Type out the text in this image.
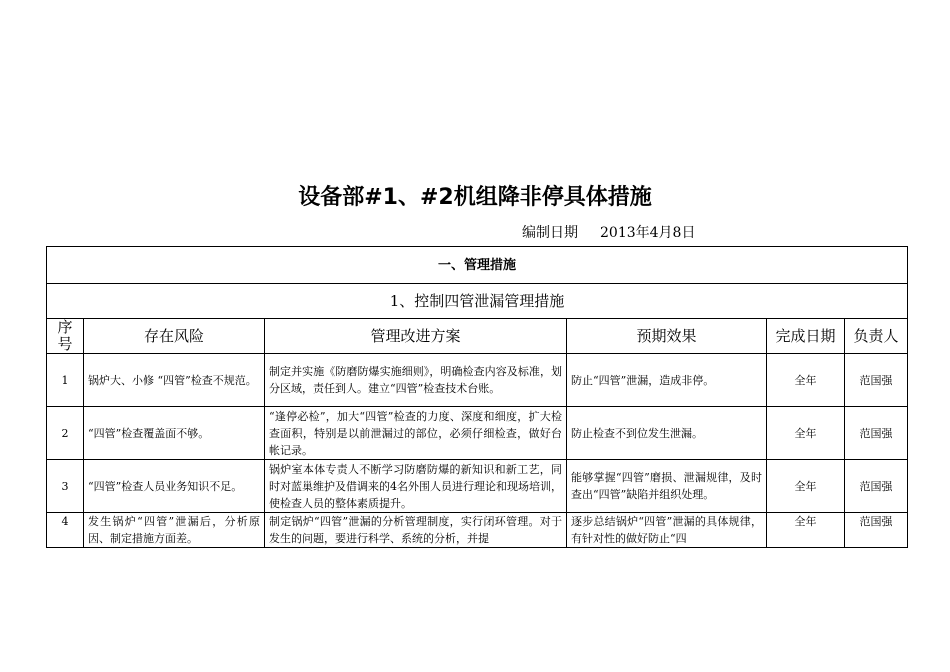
设备部#1、#2机组降非停具体措施
编制日期 2013年4月8日
一、管理措施					
1、控制四管泄漏管理措施					
序号	存在风险	管理改进方案	预期效果	完成日期	负责人
1	锅炉大、小修 “四管”检查不规范。	制定并实施《防磨防爆实施细则》，明确检查内容及标准，划分区域，责任到人。建立“四管”检查技术台账。	防止“四管”泄漏，造成非停。	全年	范国强
2	“四管”检查覆盖面不够。	“逢停必检”，加大“四管”检查的力度、深度和细度，扩大检查面积，特别是以前泄漏过的部位，必须仔细检查，做好台帐记录。	防止检查不到位发生泄漏。	全年	范国强
3	“四管”检查人员业务知识不足。	锅炉室本体专责人不断学习防磨防爆的新知识和新工艺，同时对蓝巢维护及借调来的4名外围人员进行理论和现场培训，使检查人员的整体素质提升。	能够掌握“四管”磨损、泄漏规律，及时查出“四管”缺陷并组织处理。	全年	范国强
4	发生锅炉“四管”泄漏后，分析原因、制定措施方面差。	制定锅炉“四管”泄漏的分析管理制度，实行闭环管理。对于发生的问题，要进行科学、系统的分析，并提	逐步总结锅炉“四管”泄漏的具体规律，有针对性的做好防止“四	全年	范国强
